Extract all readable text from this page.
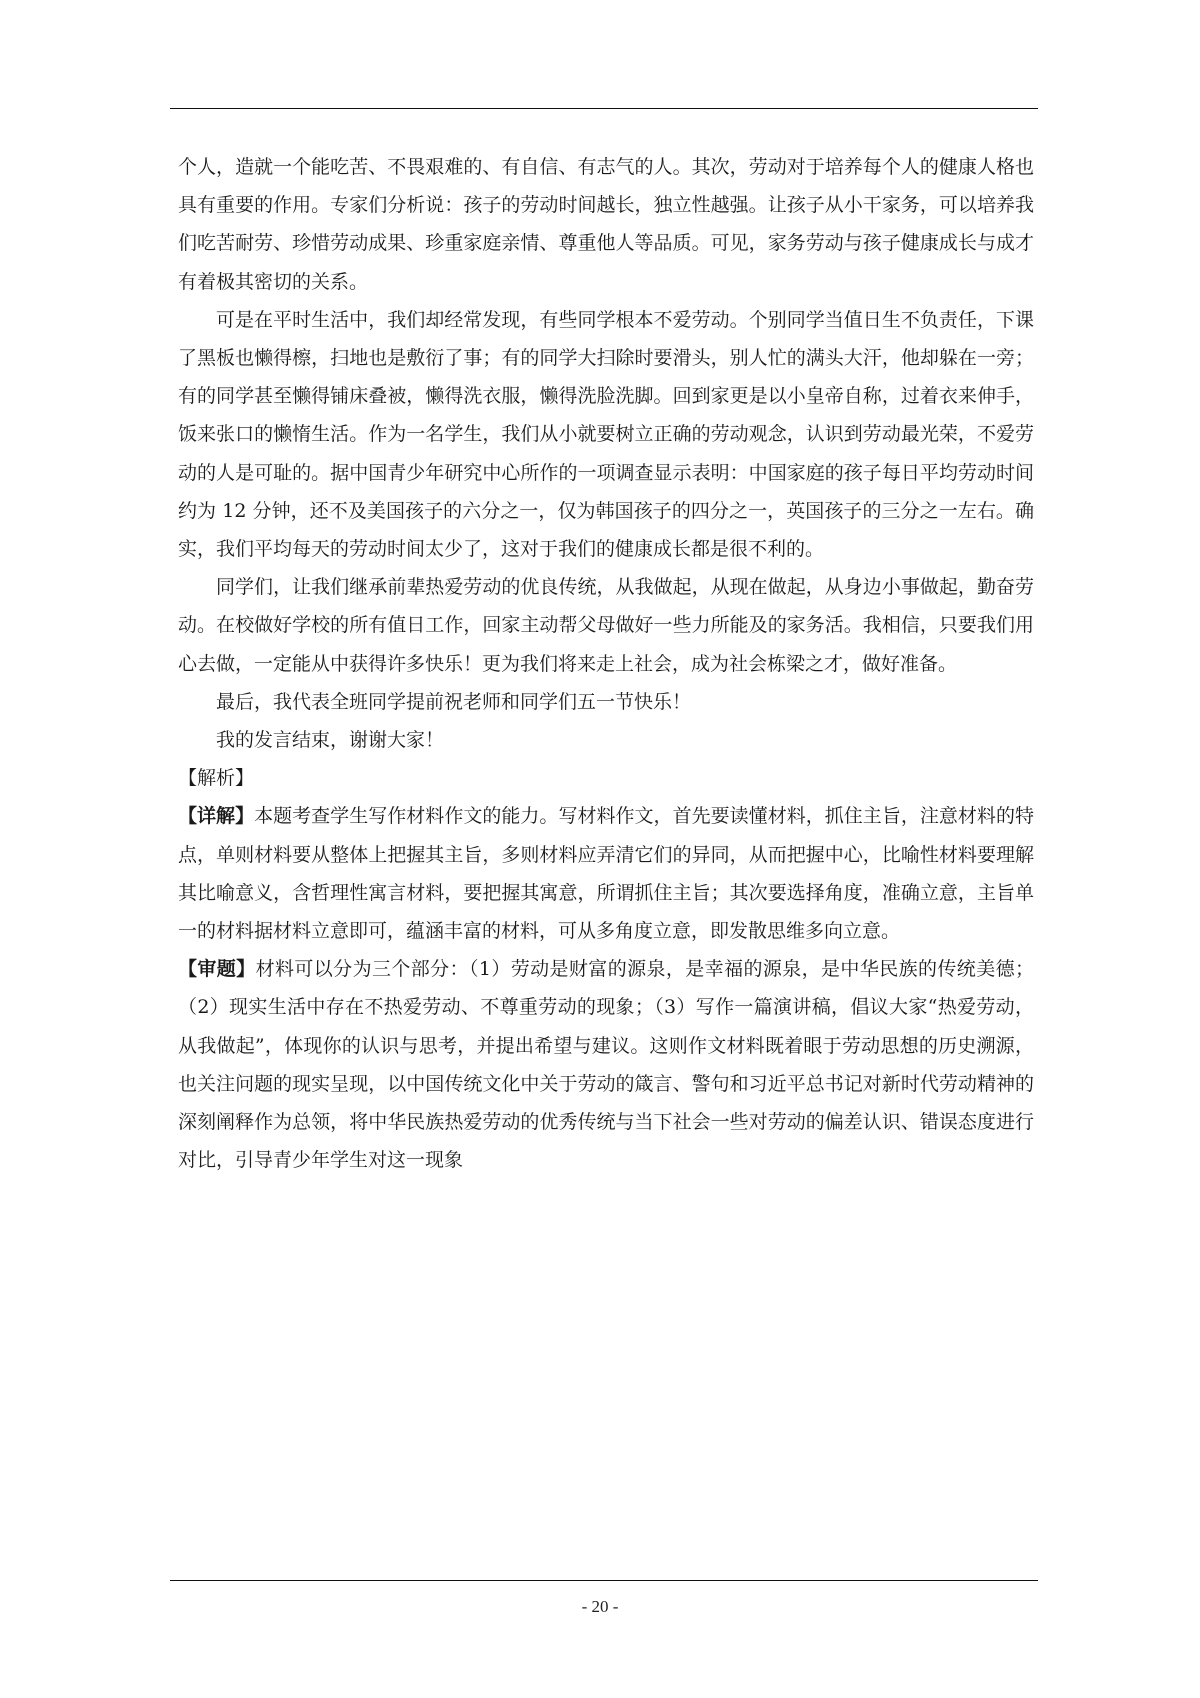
个人，造就一个能吃苦、不畏艰难的、有自信、有志气的人。其次，劳动对于培养每个人的健康人格也具有重要的作用。专家们分析说：孩子的劳动时间越长，独立性越强。让孩子从小干家务，可以培养我们吃苦耐劳、珍惜劳动成果、珍重家庭亲情、尊重他人等品质。可见，家务劳动与孩子健康成长与成才有着极其密切的关系。

可是在平时生活中，我们却经常发现，有些同学根本不爱劳动。个别同学当值日生不负责任，下课了黑板也懒得檫，扫地也是敷衍了事；有的同学大扫除时要滑头，别人忙的满头大汗，他却躲在一旁；有的同学甚至懒得铺床叠被，懒得洗衣服，懒得洗脸洗脚。回到家更是以小皇帝自称，过着衣来伸手，饭来张口的懒惰生活。作为一名学生，我们从小就要树立正确的劳动观念，认识到劳动最光荣，不爱劳动的人是可耻的。据中国青少年研究中心所作的一项调查显示表明：中国家庭的孩子每日平均劳动时间约为 12 分钟，还不及美国孩子的六分之一，仅为韩国孩子的四分之一，英国孩子的三分之一左右。确实，我们平均每天的劳动时间太少了，这对于我们的健康成长都是很不利的。

同学们，让我们继承前辈热爱劳动的优良传统，从我做起，从现在做起，从身边小事做起，勤奋劳动。在校做好学校的所有值日工作，回家主动帮父母做好一些力所能及的家务活。我相信，只要我们用心去做，一定能从中获得许多快乐！更为我们将来走上社会，成为社会栋梁之才，做好准备。

最后，我代表全班同学提前祝老师和同学们五一节快乐！

我的发言结束，谢谢大家！

【解析】

【详解】本题考查学生写作材料作文的能力。写材料作文，首先要读懂材料，抓住主旨，注意材料的特点，单则材料要从整体上把握其主旨，多则材料应弄清它们的异同，从而把握中心，比喻性材料要理解其比喻意义，含哲理性寓言材料，要把握其寓意，所谓抓住主旨；其次要选择角度，准确立意，主旨单一的材料据材料立意即可，蕴涵丰富的材料，可从多角度立意，即发散思维多向立意。

【审题】材料可以分为三个部分：（1）劳动是财富的源泉，是幸福的源泉，是中华民族的传统美德；（2）现实生活中存在不热爱劳动、不尊重劳动的现象；（3）写作一篇演讲稿，倡议大家“热爱劳动，从我做起”，体现你的认识与思考，并提出希望与建议。这则作文材料既着眼于劳动思想的历史溯源，也关注问题的现实呈现，以中国传统文化中关于劳动的箴言、警句和习近平总书记对新时代劳动精神的深刻阐释作为总领，将中华民族热爱劳动的优秀传统与当下社会一些对劳动的偏差认识、错误态度进行对比，引导青少年学生对这一现象

- 20 -
